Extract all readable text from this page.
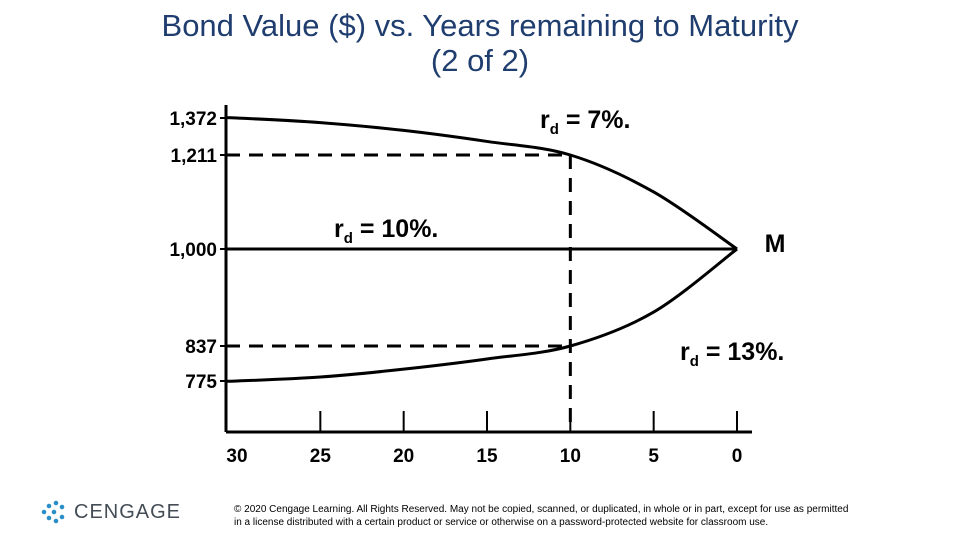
Bond Value ($) vs. Years remaining to Maturity
(2 of 2)
1,372
1,211
1,000
837
775
30	25	20	15	10	5	0
$r_d = 7\%$.
$r_d = 10\%$.
$r_d = 13\%$.
M
CENGAGE	© 2020 Cengage Learning. All Rights Reserved. May not be copied, scanned, or duplicated, in whole or in part, except for use as permitted
in a license distributed with a certain product or service or otherwise on a password-protected website for classroom use.
